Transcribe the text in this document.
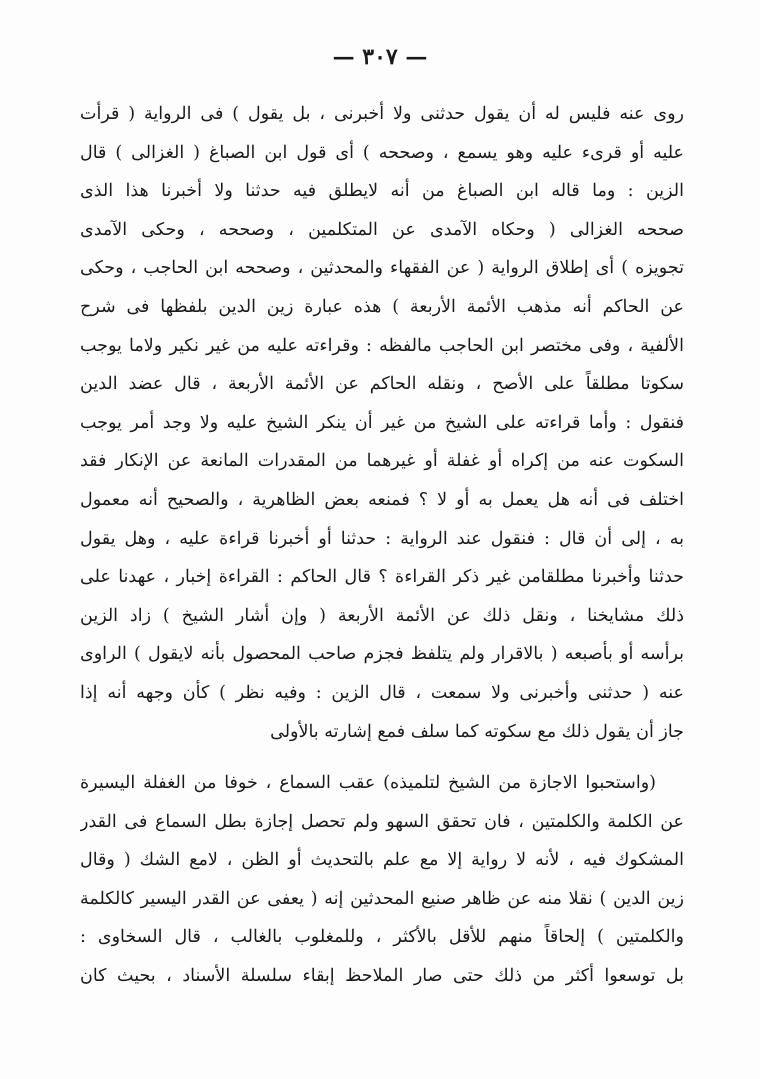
— ٣٠٧ —
روى عنه فليس له أن يقول حدثنى ولا أخبرنى ، بل يقول ) فى الرواية ( قرأت
عليه أو قرىء عليه وهو يسمع ، وصححه ) أى قول ابن الصباغ ( الغزالى ) قال
الزين : وما قاله ابن الصباغ من أنه لايطلق فيه حدثنا ولا أخبرنا هذا الذى
صححه الغزالى ( وحكاه الآمدى عن المتكلمين ، وصححه ، وحكى الآمدى
تجويزه ) أى إطلاق الرواية ( عن الفقهاء والمحدثين ، وصححه ابن الحاجب ، وحكى
عن الحاكم أنه مذهب الأئمة الأربعة ) هذه عبارة زين الدين بلفظها فى شرح
الألفية ، وفى مختصر ابن الحاجب مالفظه : وقراءته عليه من غير نكير ولاما يوجب
سكوتا مطلقاً على الأصح ، ونقله الحاكم عن الأئمة الأربعة ، قال عضد الدين
فنقول : وأما قراءته على الشيخ من غير أن ينكر الشيخ عليه ولا وجد أمر يوجب
السكوت عنه من إكراه أو غفلة أو غيرهما من المقدرات المانعة عن الإنكار فقد
اختلف فى أنه هل يعمل به أو لا ؟ فمنعه بعض الظاهرية ، والصحيح أنه معمول
به ، إلى أن قال : فنقول عند الرواية : حدثنا أو أخبرنا قراءة عليه ، وهل يقول
حدثنا وأخبرنا مطلقامن غير ذكر القراءة ؟ قال الحاكم : القراءة إخبار ، عهدنا على
ذلك مشايخنا ، ونقل ذلك عن الأئمة الأربعة ( وإن أشار الشيخ ) زاد الزين
برأسه أو بأصبعه ( بالاقرار ولم يتلفظ فجزم صاحب المحصول بأنه لايقول ) الراوى
عنه ( حدثنى وأخبرنى ولا سمعت ، قال الزين : وفيه نظر ) كأن وجهه أنه إذا
جاز أن يقول ذلك مع سكوته كما سلف فمع إشارته بالأولى
(واستحبوا الاجازة من الشيخ لتلميذه) عقب السماع ، خوفا من الغفلة اليسيرة
عن الكلمة والكلمتين ، فان تحقق السهو ولم تحصل إجازة بطل السماع فى القدر
المشكوك فيه ، لأنه لا رواية إلا مع علم بالتحديث أو الظن ، لامع الشك ( وقال
زين الدين ) نقلا منه عن ظاهر صنيع المحدثين إنه ( يعفى عن القدر اليسير كالكلمة
والكلمتين ) إلحاقاً منهم للأقل بالأكثر ، وللمغلوب بالغالب ، قال السخاوى :
بل توسعوا أكثر من ذلك حتى صار الملاحظ إبقاء سلسلة الأسناد ، بحيث كان
